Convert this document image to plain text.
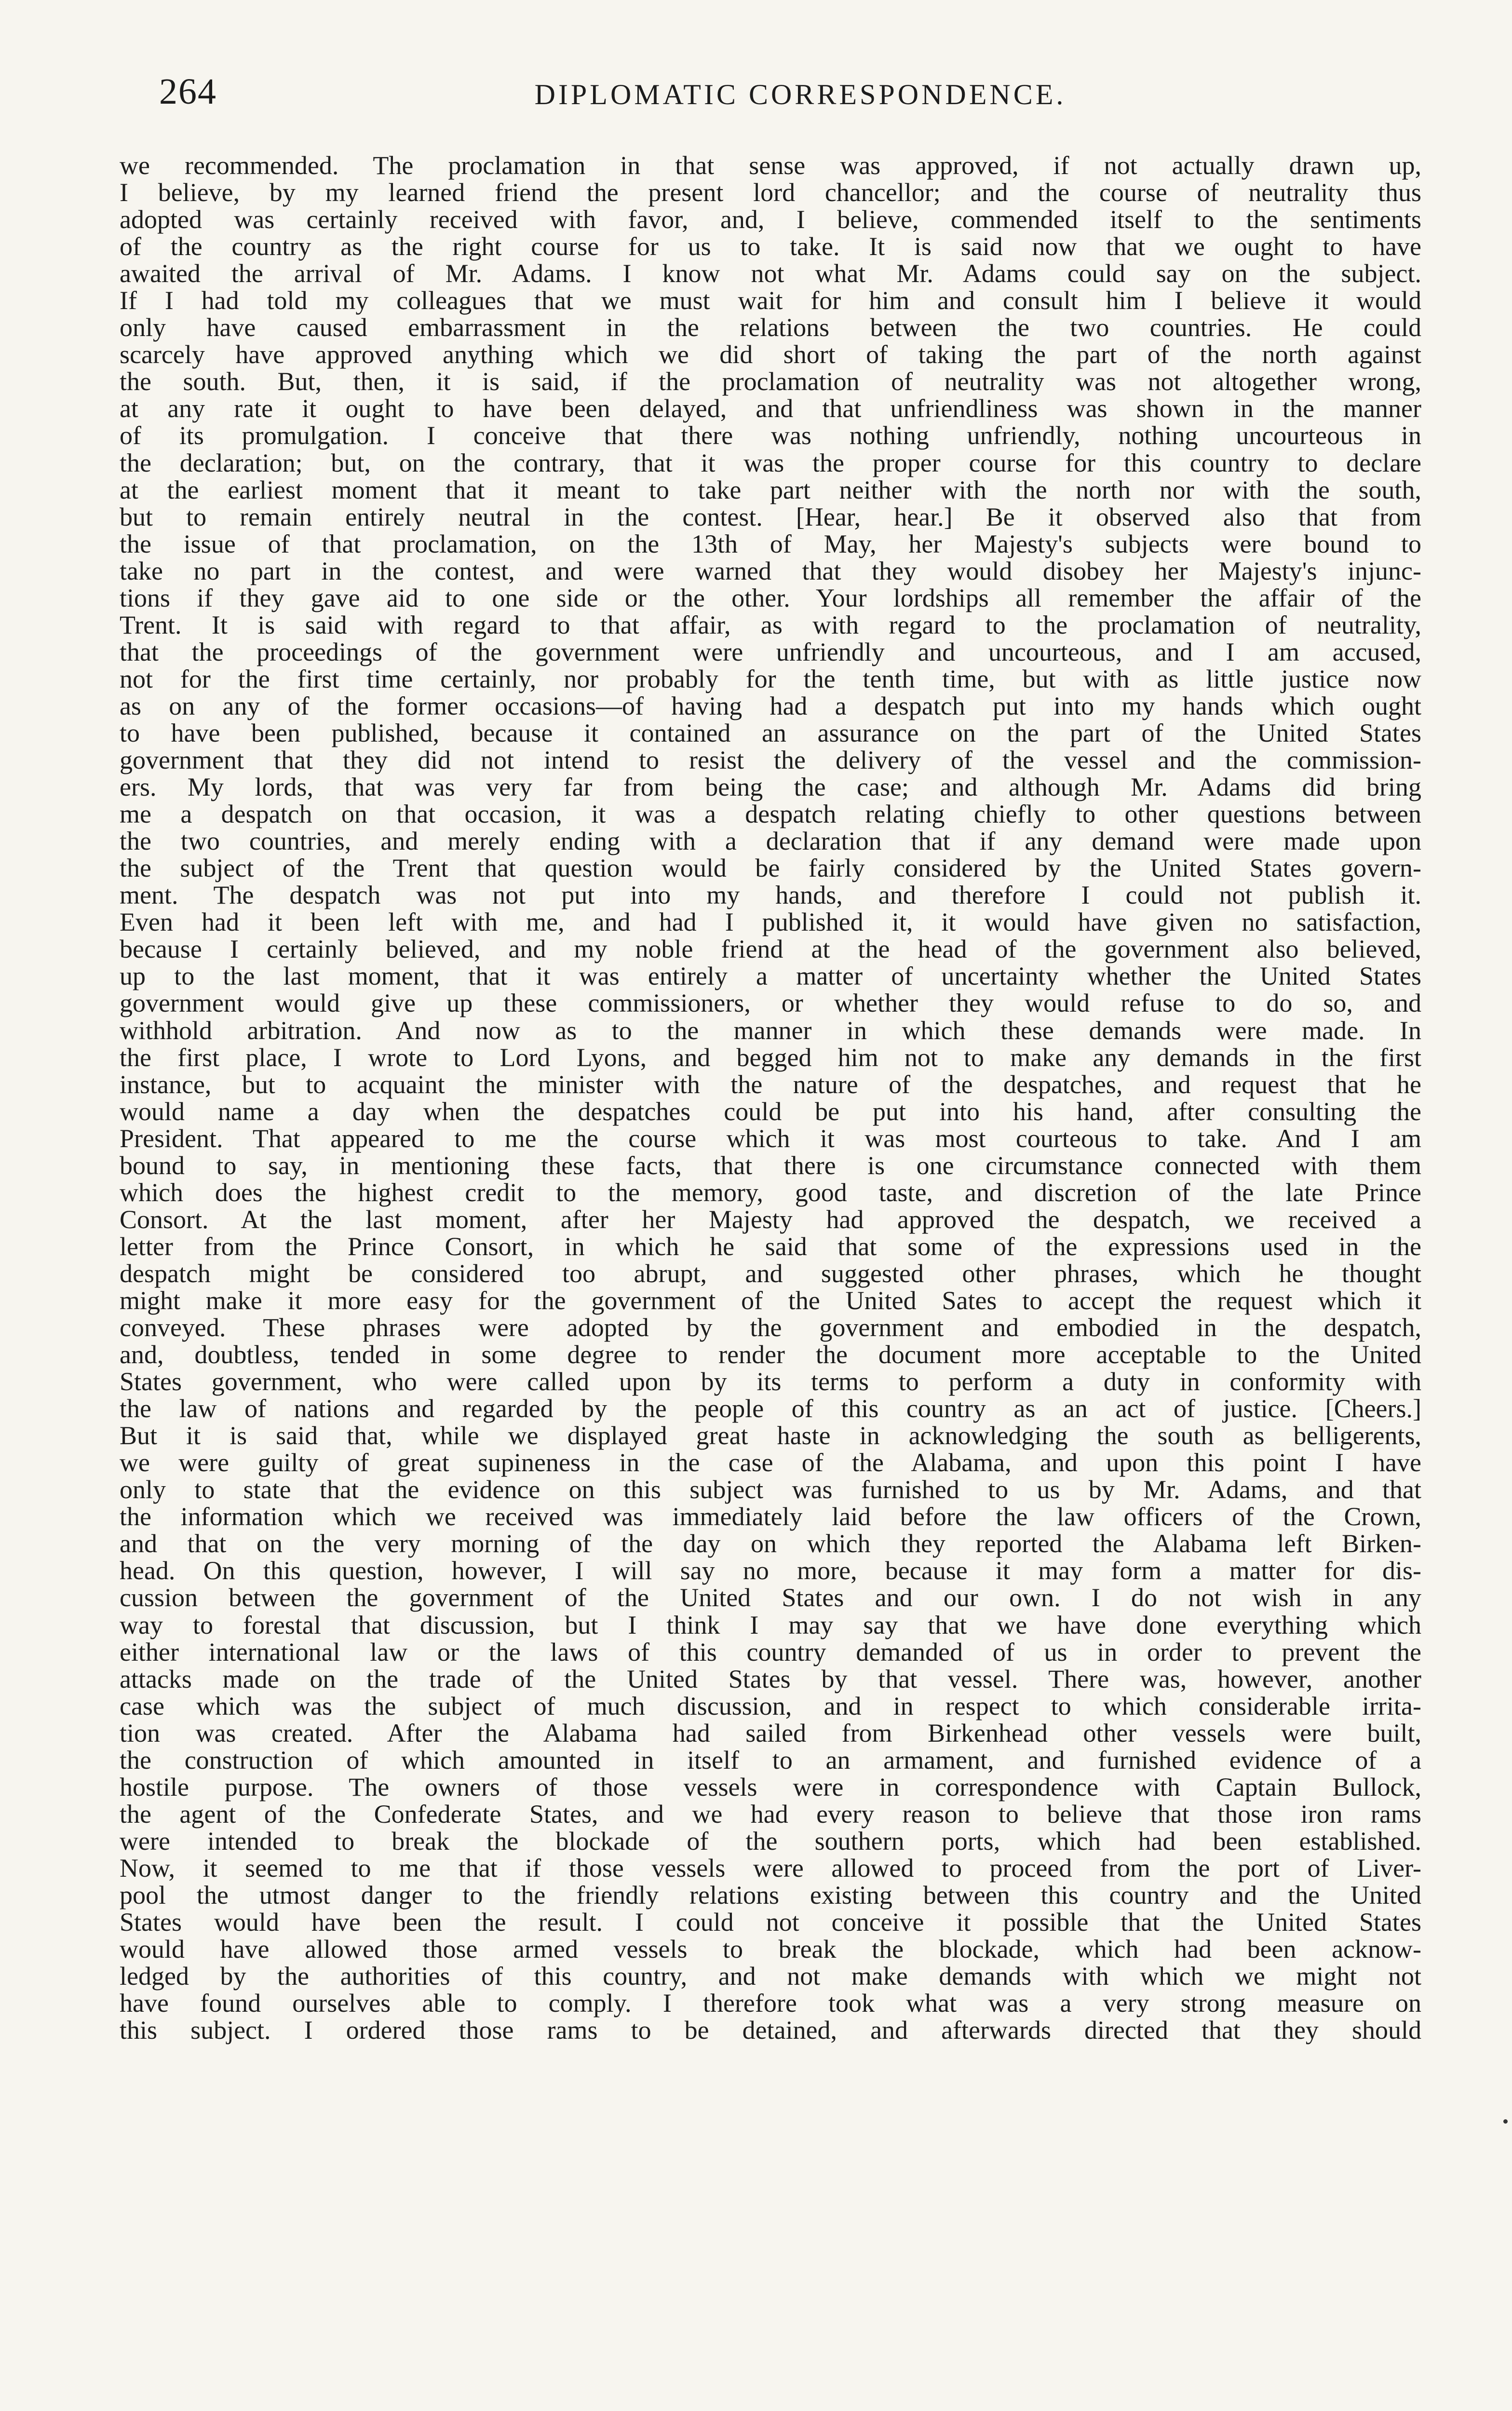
264	DIPLOMATIC CORRESPONDENCE.
we recommended. The proclamation in that sense was approved, if not actually drawn up,
I believe, by my learned friend the present lord chancellor; and the course of neutrality thus
adopted was certainly received with favor, and, I believe, commended itself to the sentiments
of the country as the right course for us to take. It is said now that we ought to have
awaited the arrival of Mr. Adams. I know not what Mr. Adams could say on the subject.
If I had told my colleagues that we must wait for him and consult him I believe it would
only have caused embarrassment in the relations between the two countries. He could
scarcely have approved anything which we did short of taking the part of the north against
the south. But, then, it is said, if the proclamation of neutrality was not altogether wrong,
at any rate it ought to have been delayed, and that unfriendliness was shown in the manner
of its promulgation. I conceive that there was nothing unfriendly, nothing uncourteous in
the declaration; but, on the contrary, that it was the proper course for this country to declare
at the earliest moment that it meant to take part neither with the north nor with the south,
but to remain entirely neutral in the contest. [Hear, hear.] Be it observed also that from
the issue of that proclamation, on the 13th of May, her Majesty's subjects were bound to
take no part in the contest, and were warned that they would disobey her Majesty's injunc-
tions if they gave aid to one side or the other. Your lordships all remember the affair of the
Trent. It is said with regard to that affair, as with regard to the proclamation of neutrality,
that the proceedings of the government were unfriendly and uncourteous, and I am accused,
not for the first time certainly, nor probably for the tenth time, but with as little justice now
as on any of the former occasions—of having had a despatch put into my hands which ought
to have been published, because it contained an assurance on the part of the United States
government that they did not intend to resist the delivery of the vessel and the commission-
ers. My lords, that was very far from being the case; and although Mr. Adams did bring
me a despatch on that occasion, it was a despatch relating chiefly to other questions between
the two countries, and merely ending with a declaration that if any demand were made upon
the subject of the Trent that question would be fairly considered by the United States govern-
ment. The despatch was not put into my hands, and therefore I could not publish it.
Even had it been left with me, and had I published it, it would have given no satisfaction,
because I certainly believed, and my noble friend at the head of the government also believed,
up to the last moment, that it was entirely a matter of uncertainty whether the United States
government would give up these commissioners, or whether they would refuse to do so, and
withhold arbitration. And now as to the manner in which these demands were made. In
the first place, I wrote to Lord Lyons, and begged him not to make any demands in the first
instance, but to acquaint the minister with the nature of the despatches, and request that he
would name a day when the despatches could be put into his hand, after consulting the
President. That appeared to me the course which it was most courteous to take. And I am
bound to say, in mentioning these facts, that there is one circumstance connected with them
which does the highest credit to the memory, good taste, and discretion of the late Prince
Consort. At the last moment, after her Majesty had approved the despatch, we received a
letter from the Prince Consort, in which he said that some of the expressions used in the
despatch might be considered too abrupt, and suggested other phrases, which he thought
might make it more easy for the government of the United Sates to accept the request which it
conveyed. These phrases were adopted by the government and embodied in the despatch,
and, doubtless, tended in some degree to render the document more acceptable to the United
States government, who were called upon by its terms to perform a duty in conformity with
the law of nations and regarded by the people of this country as an act of justice. [Cheers.]
But it is said that, while we displayed great haste in acknowledging the south as belligerents,
we were guilty of great supineness in the case of the Alabama, and upon this point I have
only to state that the evidence on this subject was furnished to us by Mr. Adams, and that
the information which we received was immediately laid before the law officers of the Crown,
and that on the very morning of the day on which they reported the Alabama left Birken-
head. On this question, however, I will say no more, because it may form a matter for dis-
cussion between the government of the United States and our own. I do not wish in any
way to forestal that discussion, but I think I may say that we have done everything which
either international law or the laws of this country demanded of us in order to prevent the
attacks made on the trade of the United States by that vessel. There was, however, another
case which was the subject of much discussion, and in respect to which considerable irrita-
tion was created. After the Alabama had sailed from Birkenhead other vessels were built,
the construction of which amounted in itself to an armament, and furnished evidence of a
hostile purpose. The owners of those vessels were in correspondence with Captain Bullock,
the agent of the Confederate States, and we had every reason to believe that those iron rams
were intended to break the blockade of the southern ports, which had been established.
Now, it seemed to me that if those vessels were allowed to proceed from the port of Liver-
pool the utmost danger to the friendly relations existing between this country and the United
States would have been the result. I could not conceive it possible that the United States
would have allowed those armed vessels to break the blockade, which had been acknow-
ledged by the authorities of this country, and not make demands with which we might not
have found ourselves able to comply. I therefore took what was a very strong measure on
this subject. I ordered those rams to be detained, and afterwards directed that they should
